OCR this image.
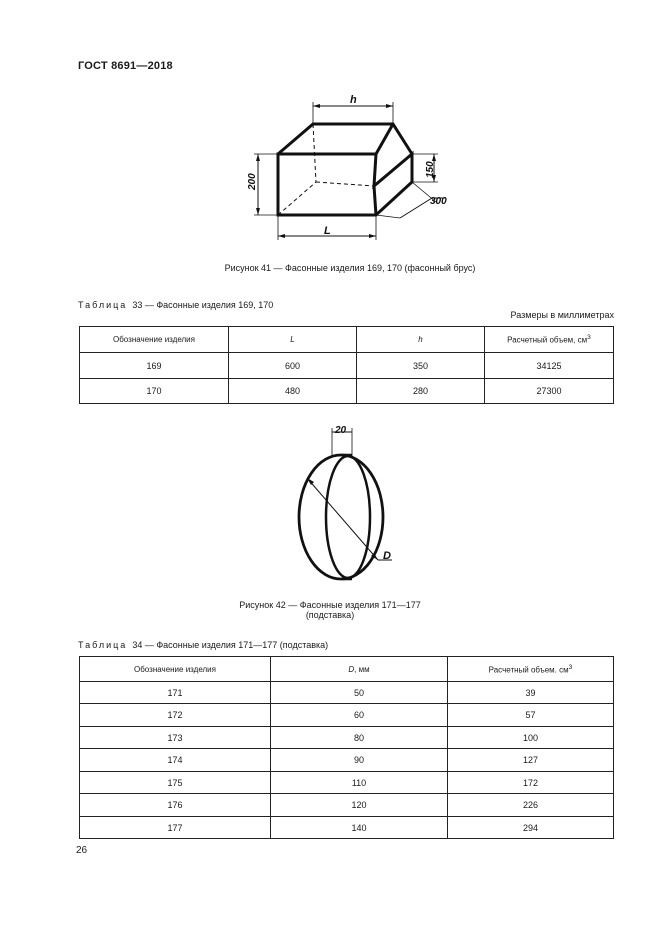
ГОСТ 8691—2018
h
200
150
300
L
Рисунок 41 — Фасонные изделия 169, 170 (фасонный брус)
Таблица 33 — Фасонные изделия 169, 170
Размеры в миллиметрах
Обозначение изделия	L	h	Расчетный объем, $см^3$
169	600	350	34125
170	480	280	27300
20
D
Рисунок 42 — Фасонные изделия 171—177
(подставка)
Таблица 34 — Фасонные изделия 171—177 (подставка)
Обозначение изделия	D, мм	Расчетный объем. $см^3$
171	50	39
172	60	57
173	80	100
174	90	127
175	110	172
176	120	226
177	140	294
26
